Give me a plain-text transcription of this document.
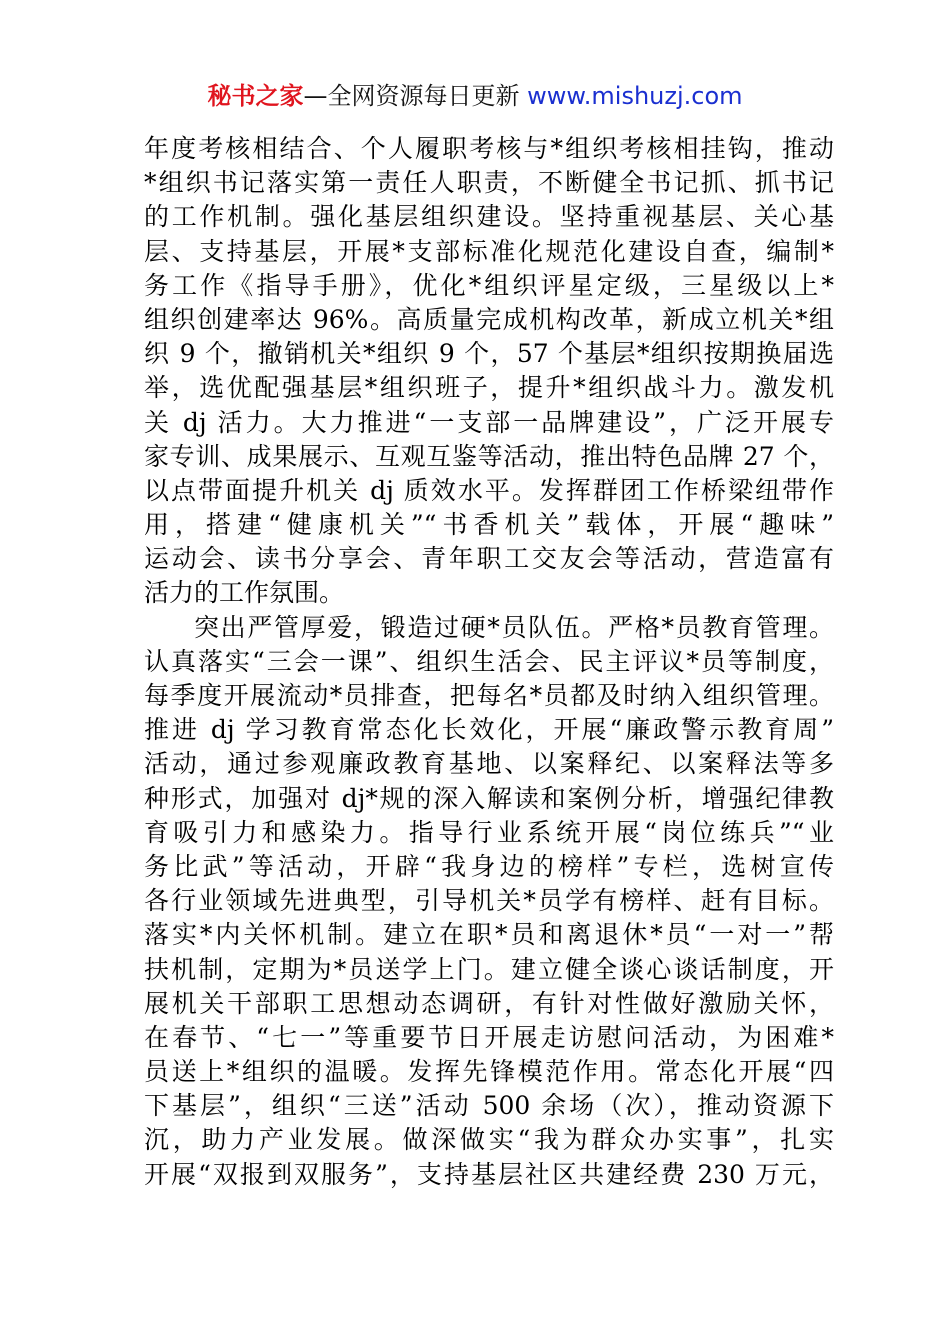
秘书之家—全网资源每日更新 www.mishuzj.com
年度考核相结合、个人履职考核与*组织考核相挂钩，推动
*组织书记落实第一责任人职责，不断健全书记抓、抓书记
的工作机制。强化基层组织建设。坚持重视基层、关心基
层、支持基层，开展*支部标准化规范化建设自查，编制*
务工作《指导手册》，优化*组织评星定级，三星级以上*
组织创建率达 96%。高质量完成机构改革，新成立机关*组
织 9 个，撤销机关*组织 9 个，57 个基层*组织按期换届选
举，选优配强基层*组织班子，提升*组织战斗力。激发机
关 dj 活力。大力推进“一支部一品牌建设”，广泛开展专
家专训、成果展示、互观互鉴等活动，推出特色品牌 27 个，
以点带面提升机关 dj 质效水平。发挥群团工作桥梁纽带作
用，搭建“健康机关”“书香机关”载体，开展“趣味”
运动会、读书分享会、青年职工交友会等活动，营造富有
活力的工作氛围。
突出严管厚爱，锻造过硬*员队伍。严格*员教育管理。
认真落实“三会一课”、组织生活会、民主评议*员等制度，
每季度开展流动*员排查，把每名*员都及时纳入组织管理。
推进 dj 学习教育常态化长效化，开展“廉政警示教育周”
活动，通过参观廉政教育基地、以案释纪、以案释法等多
种形式，加强对 dj*规的深入解读和案例分析，增强纪律教
育吸引力和感染力。指导行业系统开展“岗位练兵”“业
务比武”等活动，开辟“我身边的榜样”专栏，选树宣传
各行业领域先进典型，引导机关*员学有榜样、赶有目标。
落实*内关怀机制。建立在职*员和离退休*员“一对一”帮
扶机制，定期为*员送学上门。建立健全谈心谈话制度，开
展机关干部职工思想动态调研，有针对性做好激励关怀，
在春节、“七一”等重要节日开展走访慰问活动，为困难*
员送上*组织的温暖。发挥先锋模范作用。常态化开展“四
下基层”，组织“三送”活动 500 余场（次），推动资源下
沉，助力产业发展。做深做实“我为群众办实事”，扎实
开展“双报到双服务”，支持基层社区共建经费 230 万元，
